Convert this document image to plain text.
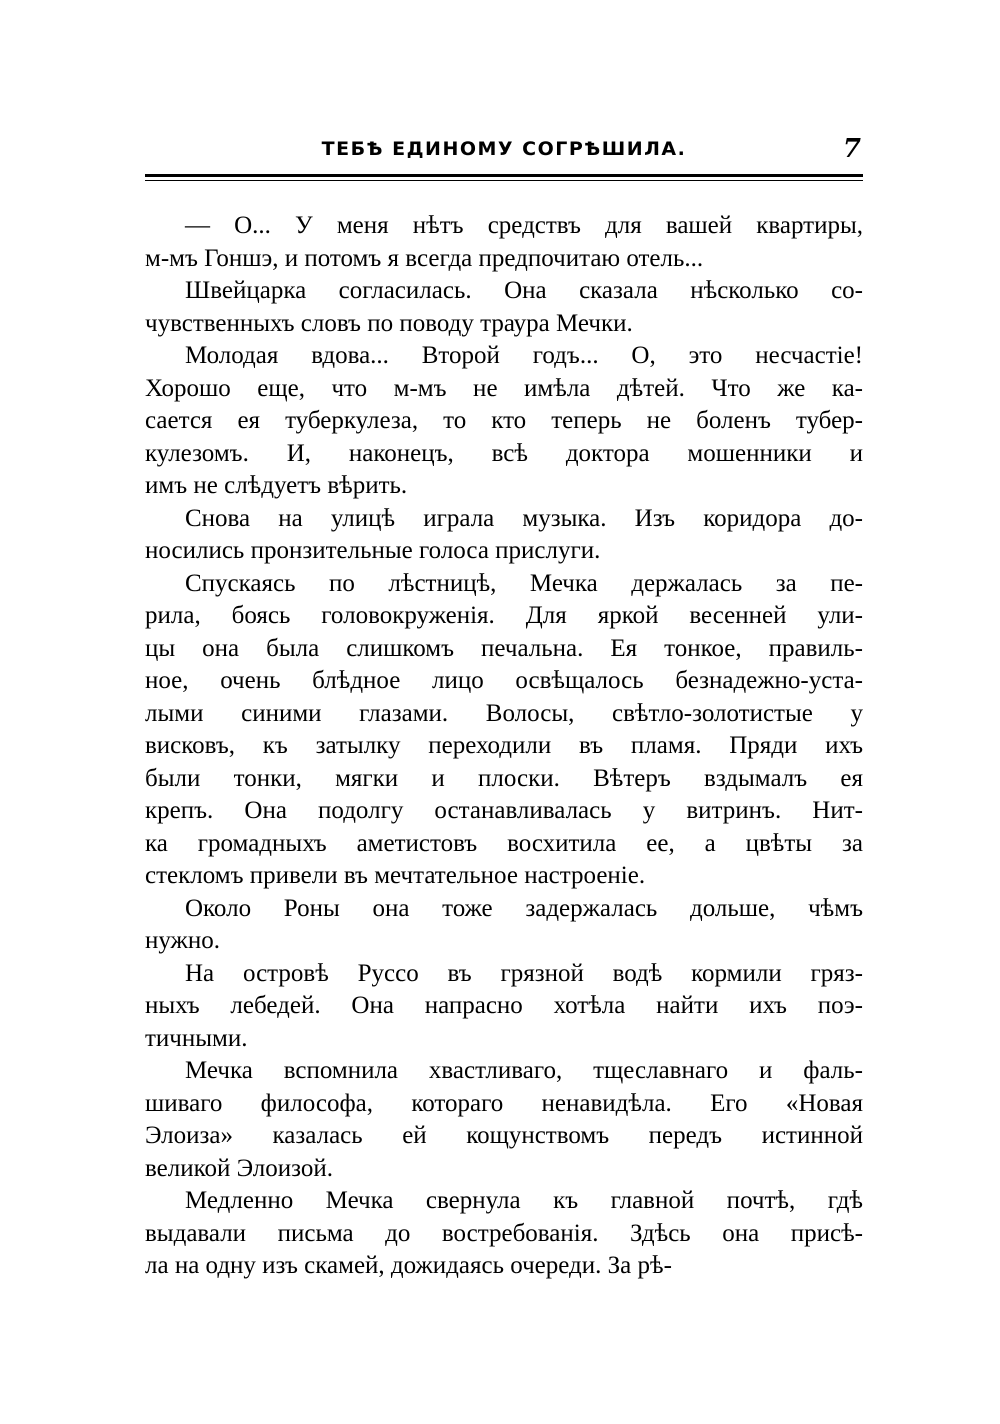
ТЕБѢ ЕДИНОМУ СОГРѢШИЛА.	7
— О... У меня нѣтъ средствъ для вашей квартиры,
м-мъ Гоншэ, и потомъ я всегда предпочитаю отель...
Швейцарка согласилась. Она сказала нѣсколько со-
чувственныхъ словъ по поводу траура Мечки.
Молодая вдова... Второй годъ... О, это несчастіе!
Хорошо еще, что м-мъ не имѣла дѣтей. Что же ка-
сается ея туберкулеза, то кто теперь не боленъ тубер-
кулезомъ. И, наконецъ, всѣ доктора мошенники и
имъ не слѣдуетъ вѣрить.
Снова на улицѣ играла музыка. Изъ коридора до-
носились пронзительные голоса прислуги.
Спускаясь по лѣстницѣ, Мечка держалась за пе-
рила, боясь головокруженія. Для яркой весенней ули-
цы она была слишкомъ печальна. Ея тонкое, правиль-
ное, очень блѣдное лицо освѣщалось безнадежно-уста-
лыми синими глазами. Волосы, свѣтло-золотистые у
висковъ, къ затылку переходили въ пламя. Пряди ихъ
были тонки, мягки и плоски. Вѣтеръ вздымалъ ея
крепъ. Она подолгу останавливалась у витринъ. Нит-
ка громадныхъ аметистовъ восхитила ее, а цвѣты за
стекломъ привели въ мечтательное настроеніе.
Около Роны она тоже задержалась дольше, чѣмъ
нужно.
На островѣ Руссо въ грязной водѣ кормили гряз-
ныхъ лебедей. Она напрасно хотѣла найти ихъ поэ-
тичными.
Мечка вспомнила хвастливаго, тщеславнаго и фаль-
шиваго философа, котораго ненавидѣла. Его «Новая
Элоиза» казалась ей кощунствомъ передъ истинной
великой Элоизой.
Медленно Мечка свернула къ главной почтѣ, гдѣ
выдавали письма до востребованія. Здѣсь она присѣ-
ла на одну изъ скамей, дожидаясь очереди. За рѣ-
